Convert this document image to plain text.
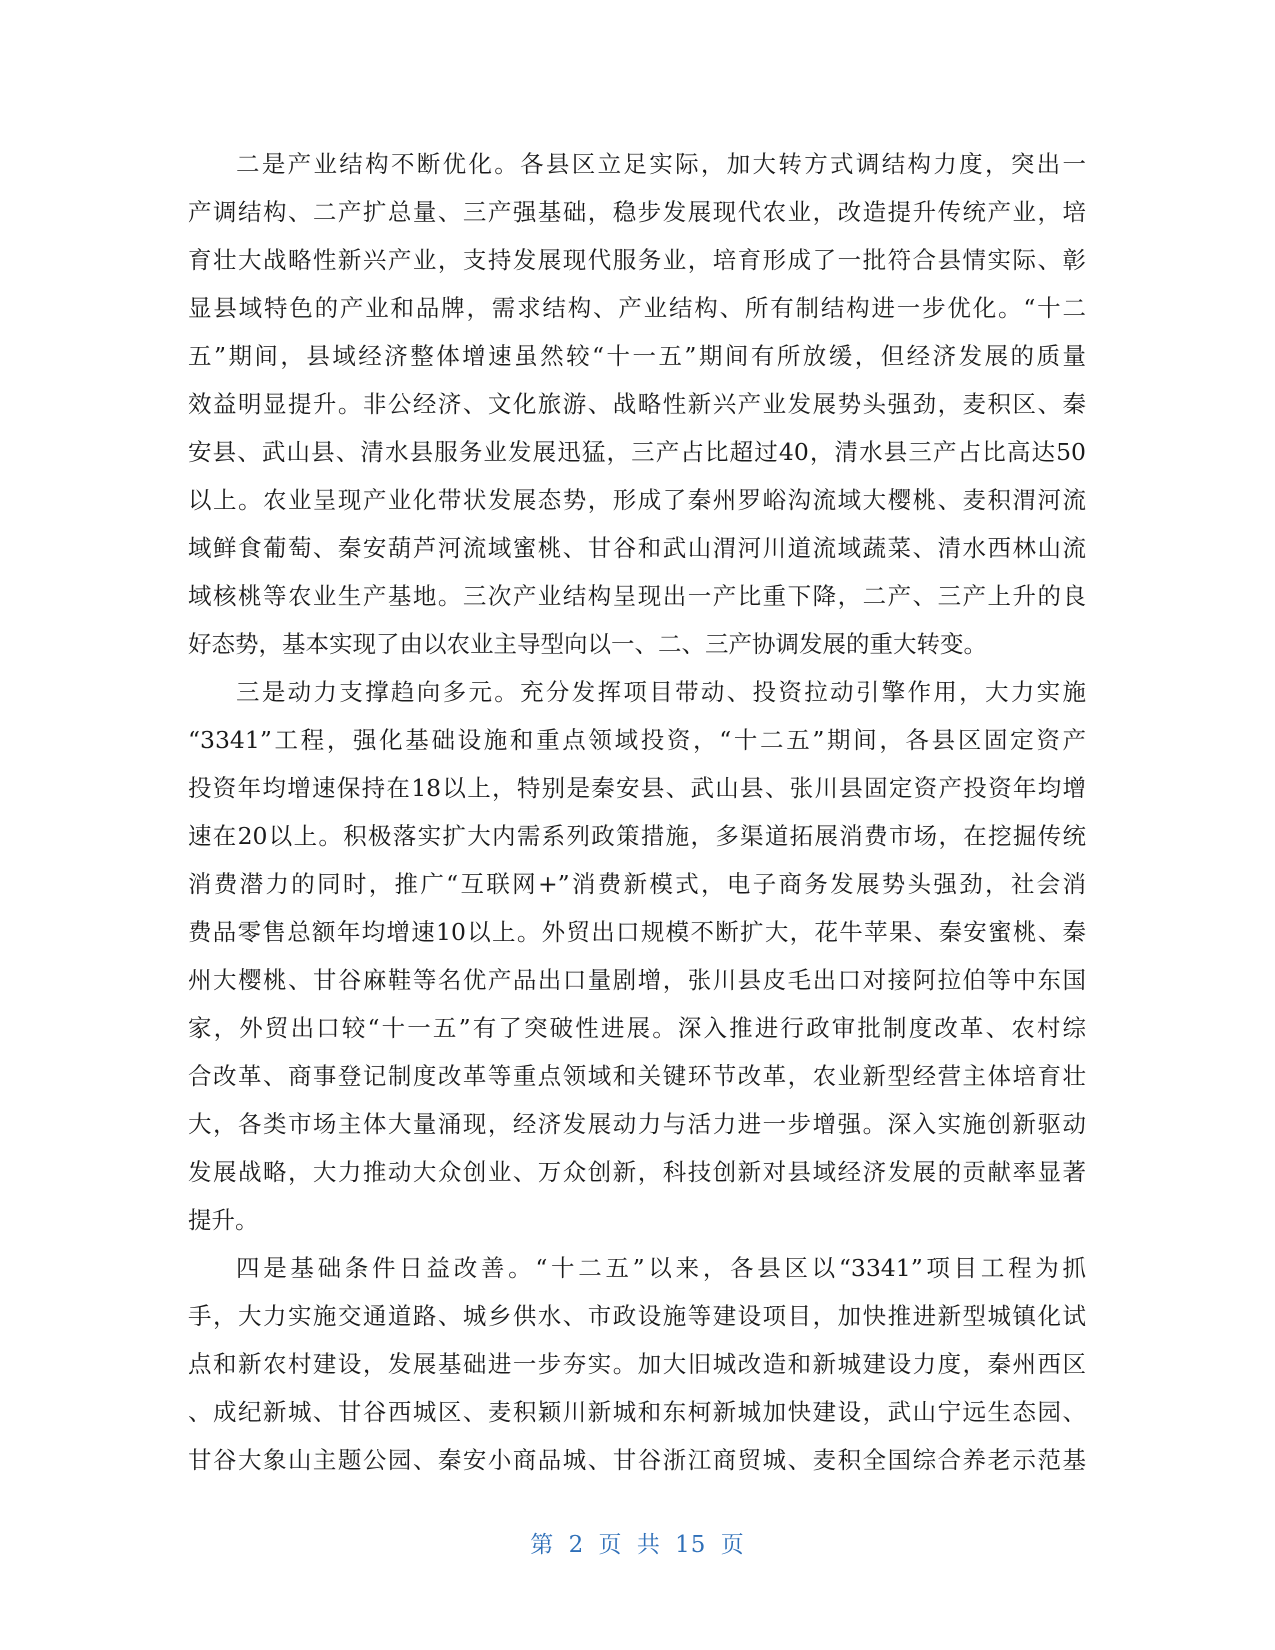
二是产业结构不断优化。各县区立足实际，加大转方式调结构力度，突出一
产调结构、二产扩总量、三产强基础，稳步发展现代农业，改造提升传统产业，培
育壮大战略性新兴产业，支持发展现代服务业，培育形成了一批符合县情实际、彰
显县域特色的产业和品牌，需求结构、产业结构、所有制结构进一步优化。“十二
五”期间，县域经济整体增速虽然较“十一五”期间有所放缓，但经济发展的质量
效益明显提升。非公经济、文化旅游、战略性新兴产业发展势头强劲，麦积区、秦
安县、武山县、清水县服务业发展迅猛，三产占比超过40，清水县三产占比高达50
以上。农业呈现产业化带状发展态势，形成了秦州罗峪沟流域大樱桃、麦积渭河流
域鲜食葡萄、秦安葫芦河流域蜜桃、甘谷和武山渭河川道流域蔬菜、清水西林山流
域核桃等农业生产基地。三次产业结构呈现出一产比重下降，二产、三产上升的良
好态势，基本实现了由以农业主导型向以一、二、三产协调发展的重大转变。
三是动力支撑趋向多元。充分发挥项目带动、投资拉动引擎作用，大力实施
“3341”工程，强化基础设施和重点领域投资，“十二五”期间，各县区固定资产
投资年均增速保持在18以上，特别是秦安县、武山县、张川县固定资产投资年均增
速在20以上。积极落实扩大内需系列政策措施，多渠道拓展消费市场，在挖掘传统
消费潜力的同时，推广“互联网+”消费新模式，电子商务发展势头强劲，社会消
费品零售总额年均增速10以上。外贸出口规模不断扩大，花牛苹果、秦安蜜桃、秦
州大樱桃、甘谷麻鞋等名优产品出口量剧增，张川县皮毛出口对接阿拉伯等中东国
家，外贸出口较“十一五”有了突破性进展。深入推进行政审批制度改革、农村综
合改革、商事登记制度改革等重点领域和关键环节改革，农业新型经营主体培育壮
大，各类市场主体大量涌现，经济发展动力与活力进一步增强。深入实施创新驱动
发展战略，大力推动大众创业、万众创新，科技创新对县域经济发展的贡献率显著
提升。
四是基础条件日益改善。“十二五”以来，各县区以“3341”项目工程为抓
手，大力实施交通道路、城乡供水、市政设施等建设项目，加快推进新型城镇化试
点和新农村建设，发展基础进一步夯实。加大旧城改造和新城建设力度，秦州西区
、成纪新城、甘谷西城区、麦积颖川新城和东柯新城加快建设，武山宁远生态园、
甘谷大象山主题公园、秦安小商品城、甘谷浙江商贸城、麦积全国综合养老示范基
第 2 页 共 15 页
